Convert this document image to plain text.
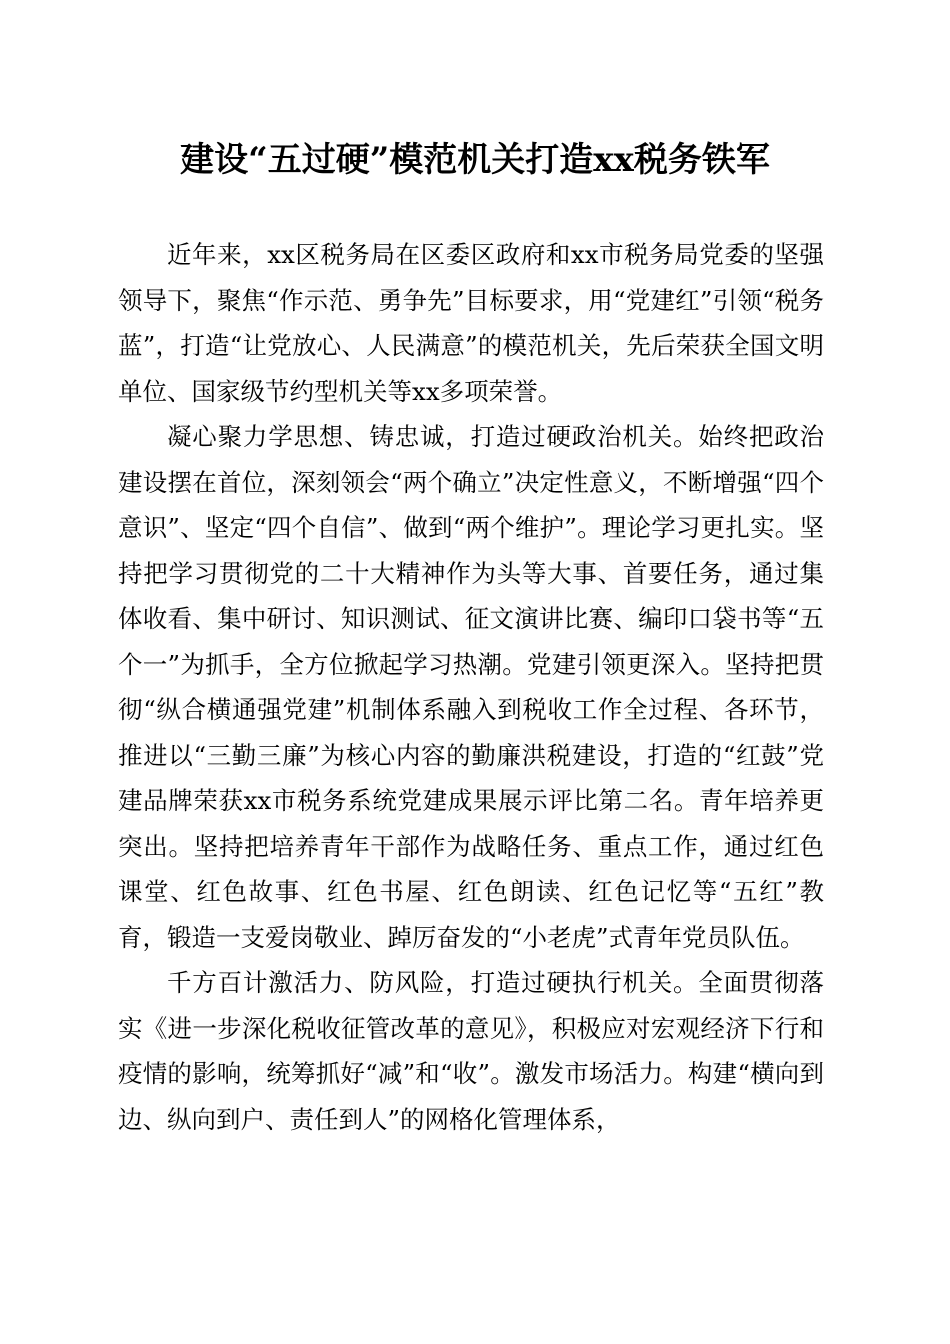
建设“五过硬”模范机关打造xx税务铁军

近年来，xx区税务局在区委区政府和xx市税务局党委的坚强领导下，聚焦“作示范、勇争先”目标要求，用“党建红”引领“税务蓝”，打造“让党放心、人民满意”的模范机关，先后荣获全国文明单位、国家级节约型机关等xx多项荣誉。

凝心聚力学思想、铸忠诚，打造过硬政治机关。始终把政治建设摆在首位，深刻领会“两个确立”决定性意义，不断增强“四个意识”、坚定“四个自信”、做到“两个维护”。理论学习更扎实。坚持把学习贯彻党的二十大精神作为头等大事、首要任务，通过集体收看、集中研讨、知识测试、征文演讲比赛、编印口袋书等“五个一”为抓手，全方位掀起学习热潮。党建引领更深入。坚持把贯彻“纵合横通强党建”机制体系融入到税收工作全过程、各环节，推进以“三勤三廉”为核心内容的勤廉洪税建设，打造的“红鼓”党建品牌荣获xx市税务系统党建成果展示评比第二名。青年培养更突出。坚持把培养青年干部作为战略任务、重点工作，通过红色课堂、红色故事、红色书屋、红色朗读、红色记忆等“五红”教育，锻造一支爱岗敬业、踔厉奋发的“小老虎”式青年党员队伍。

千方百计激活力、防风险，打造过硬执行机关。全面贯彻落实《进一步深化税收征管改革的意见》，积极应对宏观经济下行和疫情的影响，统筹抓好“减”和“收”。激发市场活力。构建“横向到边、纵向到户、责任到人”的网格化管理体系，
